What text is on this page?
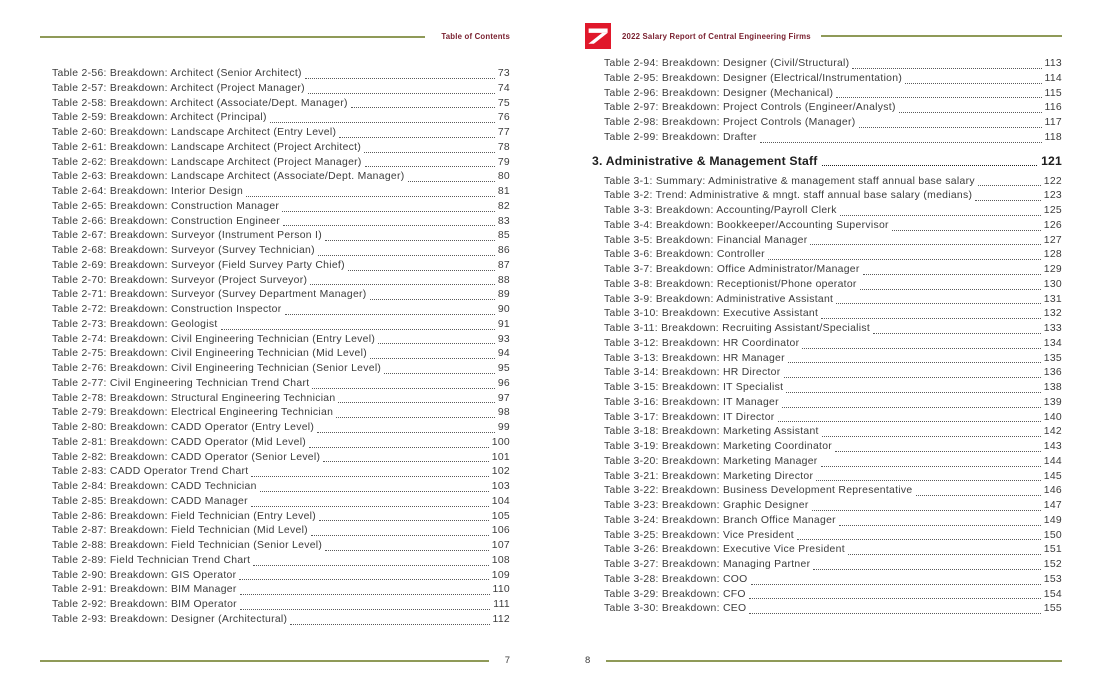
Table of Contents
Table 2-56: Breakdown: Architect (Senior Architect)	73
Table 2-57: Breakdown: Architect (Project Manager)	74
Table 2-58: Breakdown: Architect (Associate/Dept. Manager)	75
Table 2-59: Breakdown: Architect (Principal)	76
Table 2-60: Breakdown: Landscape Architect (Entry Level)	77
Table 2-61: Breakdown: Landscape Architect (Project Architect)	78
Table 2-62: Breakdown: Landscape Architect (Project Manager)	79
Table 2-63: Breakdown: Landscape Architect (Associate/Dept. Manager)	80
Table 2-64: Breakdown: Interior Design	81
Table 2-65: Breakdown: Construction Manager	82
Table 2-66: Breakdown: Construction Engineer	83
Table 2-67: Breakdown: Surveyor (Instrument Person I)	85
Table 2-68: Breakdown: Surveyor (Survey Technician)	86
Table 2-69: Breakdown: Surveyor (Field Survey Party Chief)	87
Table 2-70: Breakdown: Surveyor (Project Surveyor)	88
Table 2-71: Breakdown: Surveyor (Survey Department Manager)	89
Table 2-72: Breakdown: Construction Inspector	90
Table 2-73: Breakdown: Geologist	91
Table 2-74: Breakdown: Civil Engineering Technician (Entry Level)	93
Table 2-75: Breakdown: Civil Engineering Technician (Mid Level)	94
Table 2-76: Breakdown: Civil Engineering Technician (Senior Level)	95
Table 2-77: Civil Engineering Technician Trend Chart	96
Table 2-78: Breakdown: Structural Engineering Technician	97
Table 2-79: Breakdown: Electrical Engineering Technician	98
Table 2-80: Breakdown: CADD Operator (Entry Level)	99
Table 2-81: Breakdown: CADD Operator (Mid Level)	100
Table 2-82: Breakdown: CADD Operator (Senior Level)	101
Table 2-83: CADD Operator Trend Chart	102
Table 2-84: Breakdown: CADD Technician	103
Table 2-85: Breakdown: CADD Manager	104
Table 2-86: Breakdown: Field Technician (Entry Level)	105
Table 2-87: Breakdown: Field Technician (Mid Level)	106
Table 2-88: Breakdown: Field Technician (Senior Level)	107
Table 2-89: Field Technician Trend Chart	108
Table 2-90: Breakdown: GIS Operator	109
Table 2-91: Breakdown: BIM Manager	110
Table 2-92: Breakdown: BIM Operator	111
Table 2-93: Breakdown: Designer (Architectural)	112
7
2022 Salary Report of Central Engineering Firms
Table 2-94: Breakdown: Designer (Civil/Structural)	113
Table 2-95: Breakdown: Designer (Electrical/Instrumentation)	114
Table 2-96: Breakdown: Designer (Mechanical)	115
Table 2-97: Breakdown: Project Controls (Engineer/Analyst)	116
Table 2-98: Breakdown: Project Controls (Manager)	117
Table 2-99: Breakdown: Drafter	118
3. Administrative & Management Staff	121
Table 3-1: Summary: Administrative & management staff annual base salary	122
Table 3-2: Trend: Administrative & mngt. staff annual base salary (medians)	123
Table 3-3: Breakdown: Accounting/Payroll Clerk	125
Table 3-4: Breakdown: Bookkeeper/Accounting Supervisor	126
Table 3-5: Breakdown: Financial Manager	127
Table 3-6: Breakdown: Controller	128
Table 3-7: Breakdown: Office Administrator/Manager	129
Table 3-8: Breakdown: Receptionist/Phone operator	130
Table 3-9: Breakdown: Administrative Assistant	131
Table 3-10: Breakdown: Executive Assistant	132
Table 3-11: Breakdown: Recruiting Assistant/Specialist	133
Table 3-12: Breakdown: HR Coordinator	134
Table 3-13: Breakdown: HR Manager	135
Table 3-14: Breakdown: HR Director	136
Table 3-15: Breakdown: IT Specialist	138
Table 3-16: Breakdown: IT Manager	139
Table 3-17: Breakdown: IT Director	140
Table 3-18: Breakdown: Marketing Assistant	142
Table 3-19: Breakdown: Marketing Coordinator	143
Table 3-20: Breakdown: Marketing Manager	144
Table 3-21: Breakdown: Marketing Director	145
Table 3-22: Breakdown: Business Development Representative	146
Table 3-23: Breakdown: Graphic Designer	147
Table 3-24: Breakdown: Branch Office Manager	149
Table 3-25: Breakdown: Vice President	150
Table 3-26: Breakdown: Executive Vice President	151
Table 3-27: Breakdown: Managing Partner	152
Table 3-28: Breakdown: COO	153
Table 3-29: Breakdown: CFO	154
Table 3-30: Breakdown: CEO	155
8
